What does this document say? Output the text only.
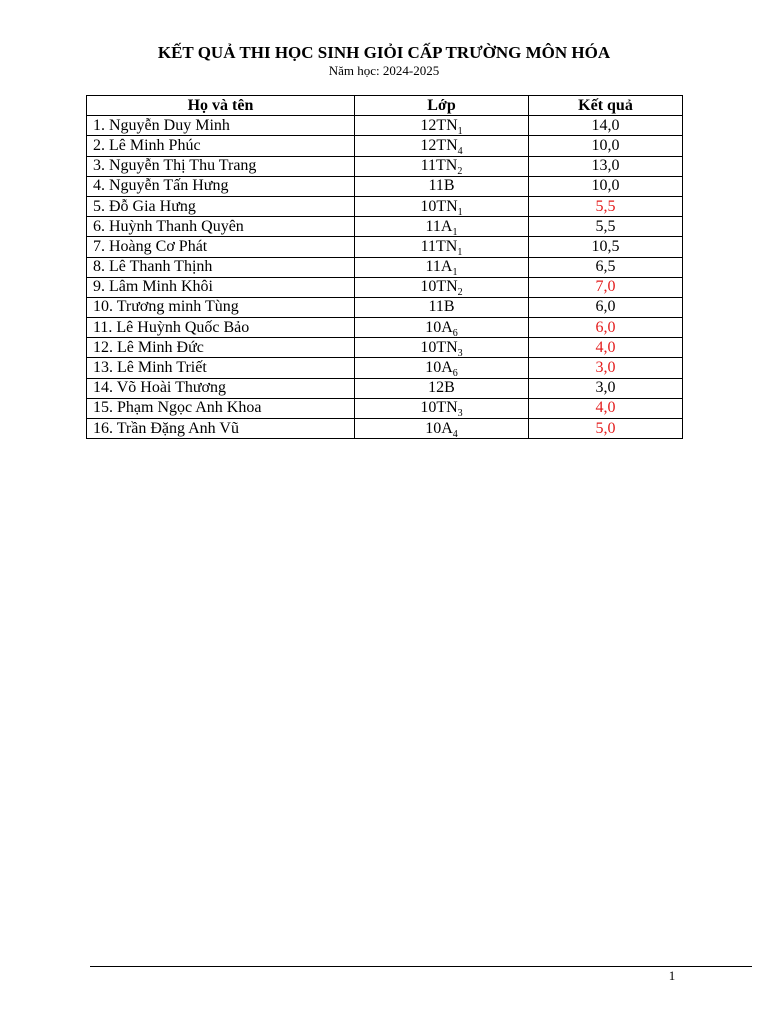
KẾT QUẢ THI HỌC SINH GIỎI CẤP TRƯỜNG MÔN HÓA
Năm học: 2024-2025
Họ và tên	Lớp	Kết quả
1. Nguyễn Duy Minh	$12TN_1$	14,0
2. Lê Minh Phúc	$12TN_4$	10,0
3. Nguyễn Thị Thu Trang	$11TN_2$	13,0
4. Nguyễn Tấn Hưng	11B	10,0
5. Đỗ Gia Hưng	$10TN_1$	5,5
6. Huỳnh Thanh Quyên	$11A_1$	5,5
7. Hoàng Cơ Phát	$11TN_1$	10,5
8. Lê Thanh Thịnh	$11A_1$	6,5
9. Lâm Minh Khôi	$10TN_2$	7,0
10. Trương minh Tùng	11B	6,0
11. Lê Huỳnh Quốc Bảo	$10A_6$	6,0
12. Lê Minh Đức	$10TN_3$	4,0
13. Lê Minh Triết	$10A_6$	3,0
14. Võ Hoài Thương	12B	3,0
15. Phạm Ngọc Anh Khoa	$10TN_3$	4,0
16. Trần Đặng Anh Vũ	$10A_4$	5,0
1
